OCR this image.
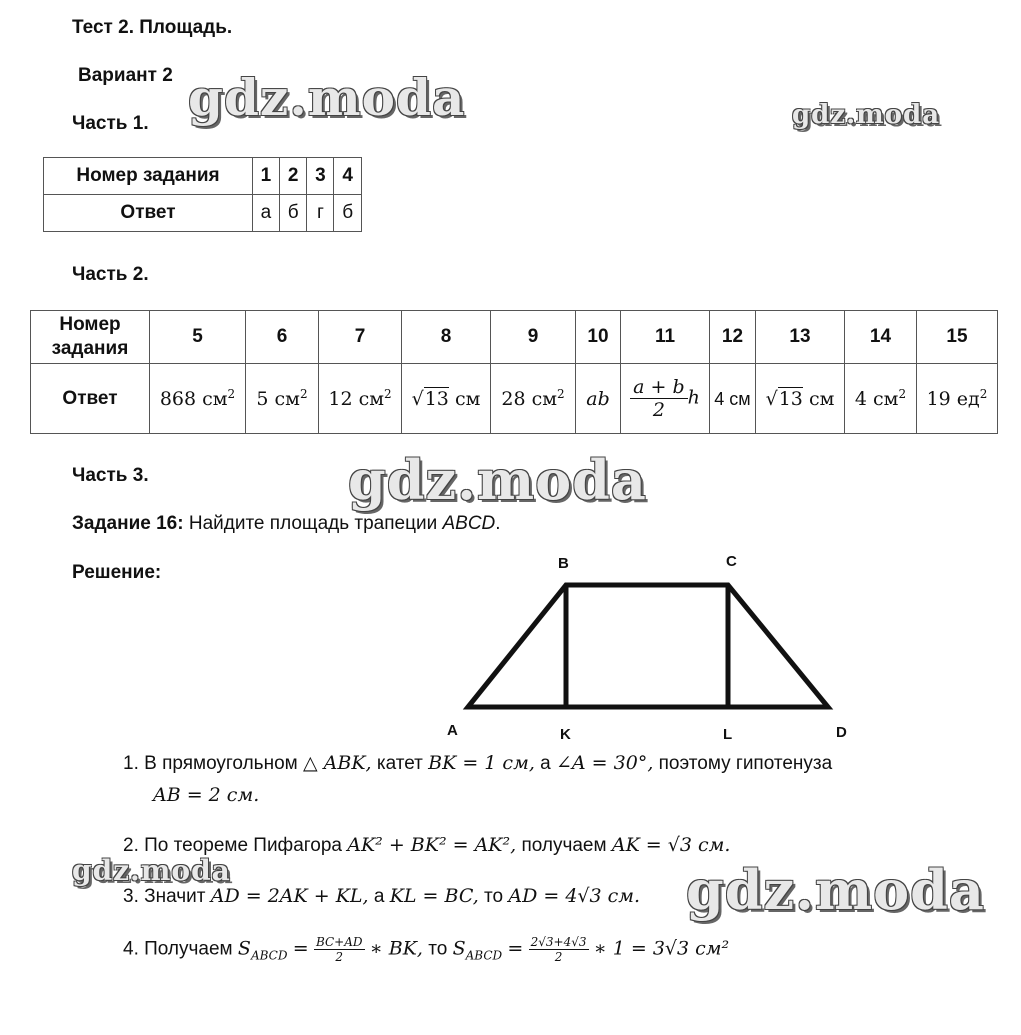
Тест 2. Площадь.
Вариант 2
Часть 1. gdz.moda	gdz.moda
gdz.moda
gdz.moda	gdz.moda
Номер задания	1	2	3	4
Ответ	а	б	г	б
Часть 2.
Номер задания	5	6	7	8	9	10	11	12	13	14	15
Ответ	868 $см^2$	5 $см^2$	12 $см^2$	√13 см	28 $см^2$	ab	$\frac{a + b}{2}$ h	4 см	√13 см	4 $см^2$	19 $ед^2$
Часть 3.
Задание 16: Найдите площадь трапеции ABCD.
Решение:	B	C
A	K	L	D
1. В прямоугольном △ ABK, катет BK = 1 см, а ∠A = 30°, поэтому гипотенуза
AB = 2 см.
2. По теореме Пифагора AK² + BK² = AK², получаем AK = √3 см.
3. Значит AD = 2AK + KL, а KL = BC, то AD = 4√3 см.
4. Получаем $S_{ABCD} = \frac{BC+AD}{2}$ ∗ BK, то $S_{ABCD} = \frac{2√3+4√3}{2}$ ∗ 1 = 3√3 см²
